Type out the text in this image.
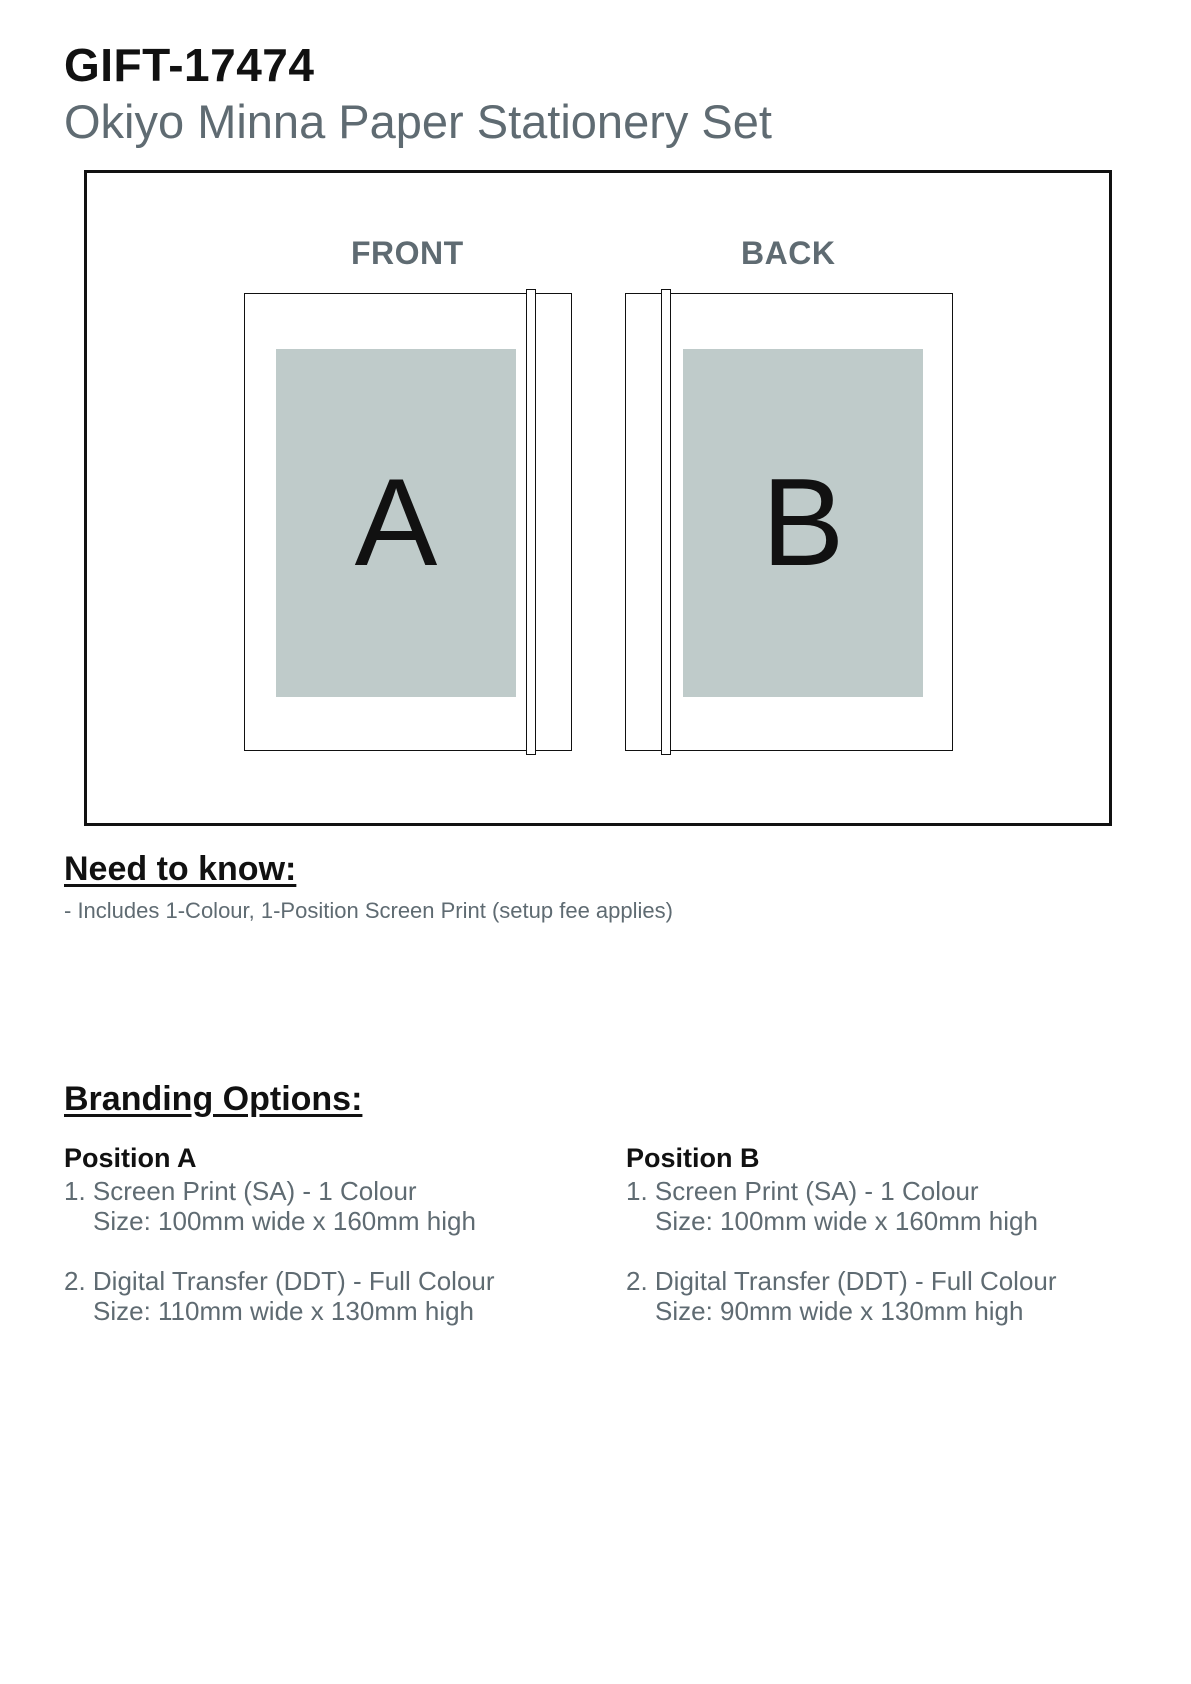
GIFT-17474
Okiyo Minna Paper Stationery Set
FRONT	BACK
A	B
Need to know:
- Includes 1-Colour, 1-Position Screen Print (setup fee applies)
Branding Options:
Position A
1. Screen Print (SA) - 1 Colour
Size: 100mm wide x 160mm high
2. Digital Transfer (DDT) - Full Colour
Size: 110mm wide x 130mm high
Position B
1. Screen Print (SA) - 1 Colour
Size: 100mm wide x 160mm high
2. Digital Transfer (DDT) - Full Colour
Size: 90mm wide x 130mm high
